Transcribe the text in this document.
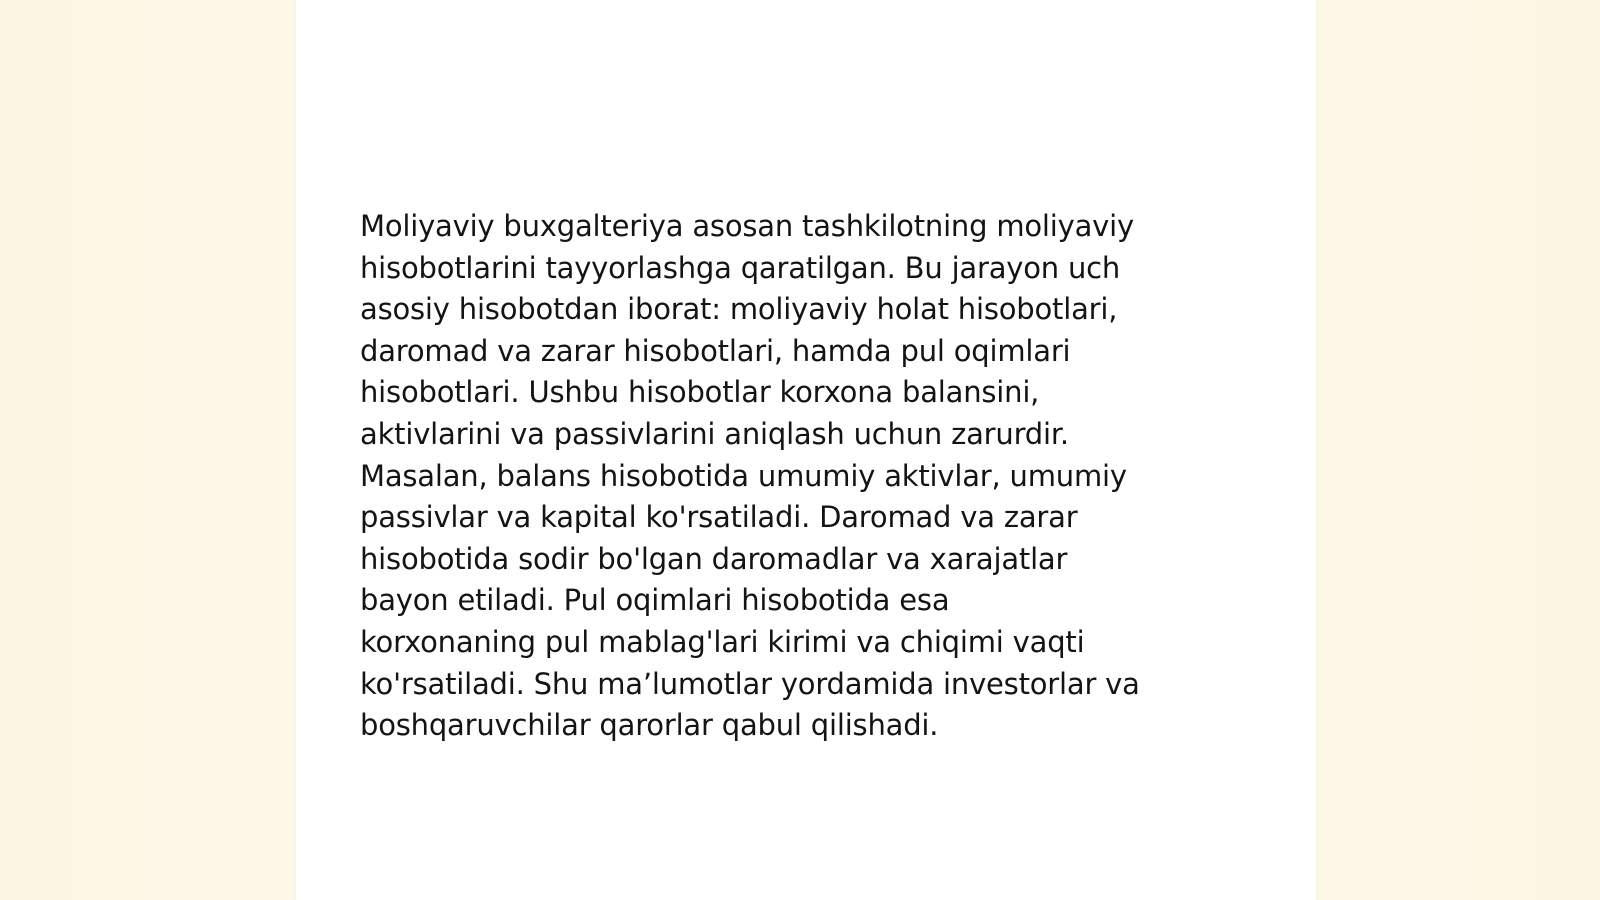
Moliyaviy buxgalteriya asosan tashkilotning moliyaviy
hisobotlarini tayyorlashga qaratilgan. Bu jarayon uch
asosiy hisobotdan iborat: moliyaviy holat hisobotlari,
daromad va zarar hisobotlari, hamda pul oqimlari
hisobotlari. Ushbu hisobotlar korxona balansini,
aktivlarini va passivlarini aniqlash uchun zarurdir.
Masalan, balans hisobotida umumiy aktivlar, umumiy
passivlar va kapital ko'rsatiladi. Daromad va zarar
hisobotida sodir bo'lgan daromadlar va xarajatlar
bayon etiladi. Pul oqimlari hisobotida esa
korxonaning pul mablag'lari kirimi va chiqimi vaqti
ko'rsatiladi. Shu ma’lumotlar yordamida investorlar va
boshqaruvchilar qarorlar qabul qilishadi.
